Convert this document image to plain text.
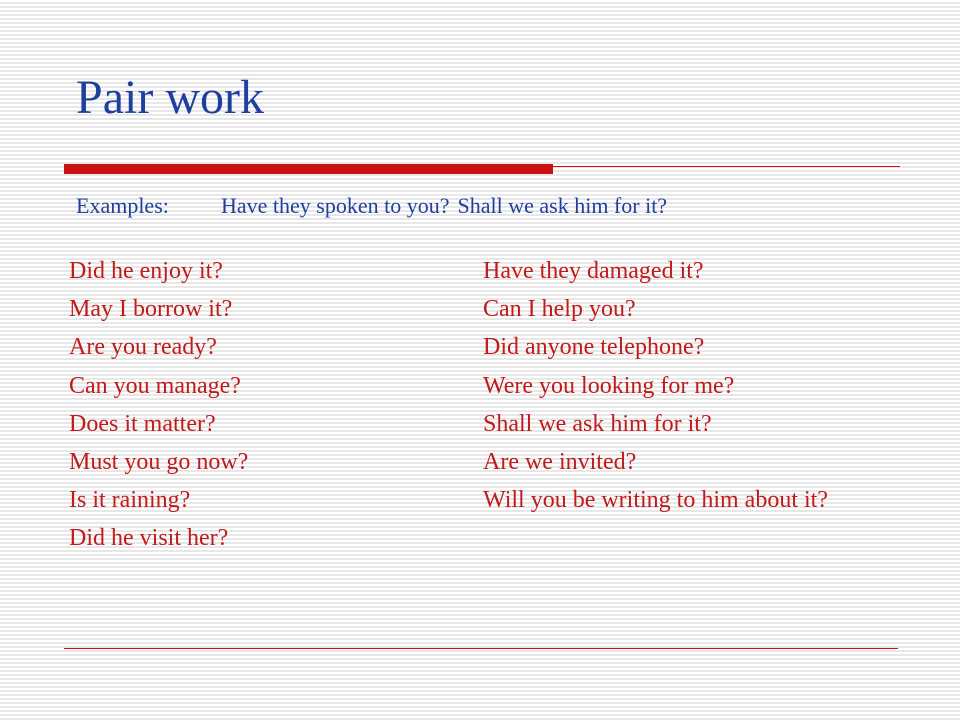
Pair work
Examples: Have they spoken to you? Shall we ask him for it?
Did he enjoy it?
May I borrow it?
Are you ready?
Can you manage?
Does it matter?
Must you go now?
Is it raining?
Did he visit her?
Have they damaged it?
Can I help you?
Did anyone telephone?
Were you looking for me?
Shall we ask him for it?
Are we invited?
Will you be writing to him about it?
